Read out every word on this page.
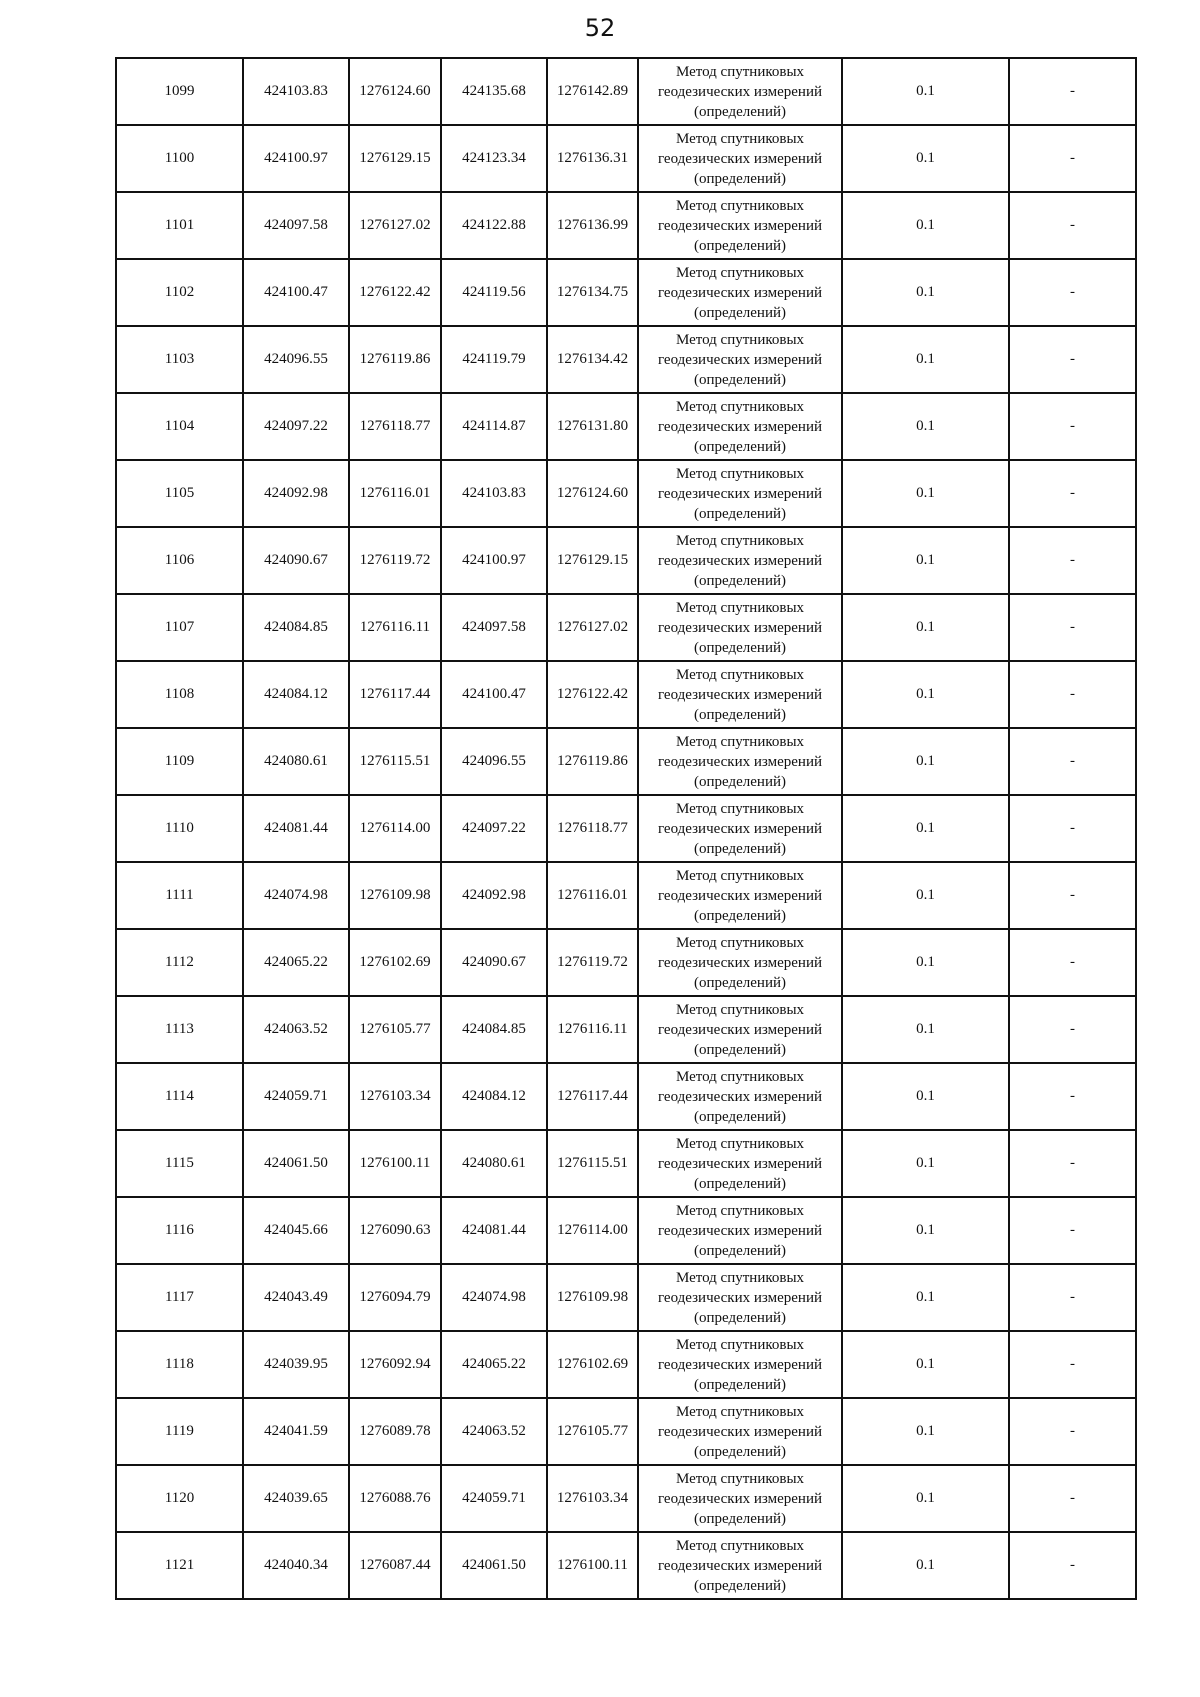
52
1099	424103.83	1276124.60	424135.68	1276142.89	Метод спутниковых
геодезических измерений
(определений)	0.1	-
1100	424100.97	1276129.15	424123.34	1276136.31	Метод спутниковых
геодезических измерений
(определений)	0.1	-
1101	424097.58	1276127.02	424122.88	1276136.99	Метод спутниковых
геодезических измерений
(определений)	0.1	-
1102	424100.47	1276122.42	424119.56	1276134.75	Метод спутниковых
геодезических измерений
(определений)	0.1	-
1103	424096.55	1276119.86	424119.79	1276134.42	Метод спутниковых
геодезических измерений
(определений)	0.1	-
1104	424097.22	1276118.77	424114.87	1276131.80	Метод спутниковых
геодезических измерений
(определений)	0.1	-
1105	424092.98	1276116.01	424103.83	1276124.60	Метод спутниковых
геодезических измерений
(определений)	0.1	-
1106	424090.67	1276119.72	424100.97	1276129.15	Метод спутниковых
геодезических измерений
(определений)	0.1	-
1107	424084.85	1276116.11	424097.58	1276127.02	Метод спутниковых
геодезических измерений
(определений)	0.1	-
1108	424084.12	1276117.44	424100.47	1276122.42	Метод спутниковых
геодезических измерений
(определений)	0.1	-
1109	424080.61	1276115.51	424096.55	1276119.86	Метод спутниковых
геодезических измерений
(определений)	0.1	-
1110	424081.44	1276114.00	424097.22	1276118.77	Метод спутниковых
геодезических измерений
(определений)	0.1	-
1111	424074.98	1276109.98	424092.98	1276116.01	Метод спутниковых
геодезических измерений
(определений)	0.1	-
1112	424065.22	1276102.69	424090.67	1276119.72	Метод спутниковых
геодезических измерений
(определений)	0.1	-
1113	424063.52	1276105.77	424084.85	1276116.11	Метод спутниковых
геодезических измерений
(определений)	0.1	-
1114	424059.71	1276103.34	424084.12	1276117.44	Метод спутниковых
геодезических измерений
(определений)	0.1	-
1115	424061.50	1276100.11	424080.61	1276115.51	Метод спутниковых
геодезических измерений
(определений)	0.1	-
1116	424045.66	1276090.63	424081.44	1276114.00	Метод спутниковых
геодезических измерений
(определений)	0.1	-
1117	424043.49	1276094.79	424074.98	1276109.98	Метод спутниковых
геодезических измерений
(определений)	0.1	-
1118	424039.95	1276092.94	424065.22	1276102.69	Метод спутниковых
геодезических измерений
(определений)	0.1	-
1119	424041.59	1276089.78	424063.52	1276105.77	Метод спутниковых
геодезических измерений
(определений)	0.1	-
1120	424039.65	1276088.76	424059.71	1276103.34	Метод спутниковых
геодезических измерений
(определений)	0.1	-
1121	424040.34	1276087.44	424061.50	1276100.11	Метод спутниковых
геодезических измерений
(определений)	0.1	-
